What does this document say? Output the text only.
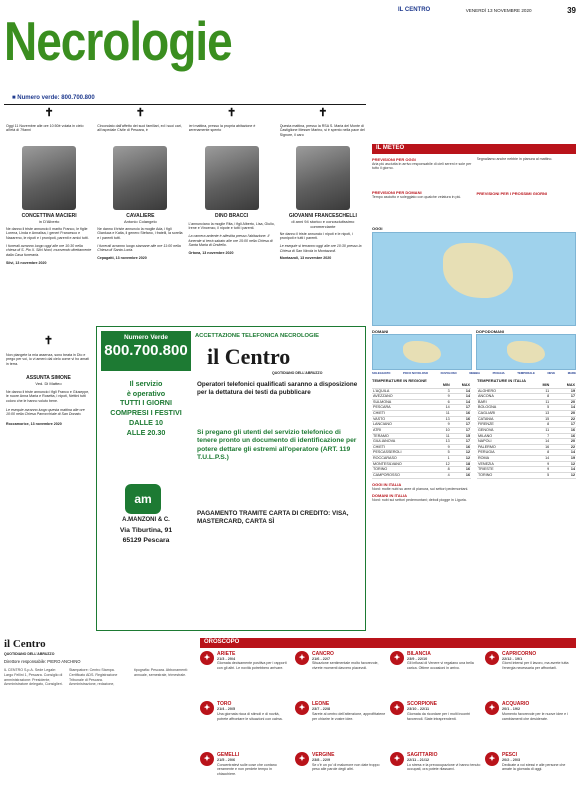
IL CENTRO	VENERDÌ 13 NOVEMBRE 2020	39
Necrologie
■ Numero verde: 800.700.800
✝
Oggi 11 Novembre alle ore 10:50è volata in cielo all'età di 79anni
CONCETTINA MACIERI
in D'Alberto
Ne danno il triste annuncio il marito Franco, le figlie Lorena, Linda e Annalisa, i generi Francesco e Nazareno, le nipoti e i pronipoti, parenti e amici tutti.
I funerali avranno luogo oggi alle ore 10:30 nella chiesa di S. Pio X. Silvi Nord, muovendo direttamente dalla Casa funeraria.
Silvi, 13 novembre 2020
✝
Circondato dall'affetto dei suoi familiari, ed i suoi cari, all'ospedale Civile di Pescara, è
CAVALIERE
Antonio Colangelo
Ne danno il triste annuncio la moglie Ada, i figli Gianluca e Katia, il genero Stefano, i fratelli, la sorella e i parenti tutti.
I funerali avranno luogo stamane alle ore 11:00 nella Chiesa di Santa Lucia.
Cepagatti, 13 novembre 2020
✝
Ieri mattina, presso la propria abitazione è serenamente spento
DINO BRACCI
L'annunciano la moglie Rita, i figli Alberto, Lisa, Giulio, Irene e Vincenzo, il nipote e tutti i parenti.
La camera ardente è allestita presso l'abitazione. Il funerale si terrà sabato alle ore 15:00 nella Chiesa di Santa Maria di Orsitello.
Ortona, 13 novembre 2020
✝
Questa mattina, presso la RSA S. Maria del Monte di Castiglione Messer Marino, si è spento nella pace del Signore, il caro
GIOVANNI FRANCESCHELLI
di anni 94 storico e conosciutissimo commerciante
Ne danno il triste annuncio i nipoti e le nipoti, i pronipoti e tutti i parenti.
Le esequie si terranno oggi alle ore 10:30 presso la Chiesa di San Nicola in Montazzoli.
Montazzoli, 13 novembre 2020
✝
Non piangete la mia assenza, sono beata in Dio e prego per voi, io vi amerò dal cielo come vi ho amati in terra.
ASSUNTA SIMONE
Ved. Di Matteo
Ne danno il triste annuncio i figli Franco e Giuseppe, le nuore Anna Maria e Rosetta, i nipoti, Nettini tutti coloro che le hanno voluto bene.
Le esequie avranno luogo questa mattina alle ore 10:00 nella Chiesa Parrocchiale di San Donato.
Roccamorice, 13 novembre 2020
Numero Verde
800.700.800
ACCETTAZIONE TELEFONICA NECROLOGIE
il Centro
QUOTIDIANO DELL'ABRUZZO
Il servizio
è operativo
TUTTI I GIORNI
COMPRESI I FESTIVI
DALLE 10
ALLE 20.30
Operatori telefonici qualificati saranno a disposizione per la dettatura dei testi da pubblicare
Si pregano gli utenti del servizio telefonico di tenere pronto un documento di identificazione per potere dettare gli estremi all'operatore (ART. 119 T.U.L.P.S.)
PAGAMENTO TRAMITE CARTA DI CREDITO: VISA, MASTERCARD, CARTA SÌ
am
A.MANZONI & C.
Via Tiburtina, 91
65129 Pescara
IL METEO
PREVISIONI PER OGGI
Aria più asciutta in arrivo responsabile di cieli sereni e sole per tutto il giorno.
PREVISIONI PER DOMANI
Tempo asciutto e soleggiato con qualche velatura in più.
Segnaliamo anche nebbie in pianura al mattino.
PREVISIONI PER I PROSSIMI GIORNI
OGGI
DOMANI	DOPODOMANI
SOLEGGIATO	POCO NUVOLOSO	NUVOLOSO	NEBBIA	PIOGGIA	TEMPORALE	NEVE	MARE
TEMPERATURE IN REGIONE
	MIN	MAX
L'AQUILA	3	14
AVEZZANO	9	14
SULMONA	6	14
PESCARA	14	17
CHIETI	11	16
VASTO	13	16
LANCIANO	9	17
ATRI	10	17
TERAMO	11	15
GIULIANOVA	13	17
CHIETI	9	16
PESCASSEROLI	5	12
ROCCARASO	1	12
MONTESILVANO	12	18
TORINO	8	16
CAMPOROSSO	4	16
TEMPERATURE IN ITALIA
	MIN	MAX
ALGHERO	11	19
ANCONA	8	17
BARI	11	20
BOLOGNA	5	14
CAGLIARI	13	20
CATANIA	15	22
FIRENZE	8	17
GENOVA	11	16
MILANO	7	16
NAPOLI	14	20
PALERMO	16	22
PERUGIA	8	14
ROMA	14	19
VENEZIA	9	12
TRIESTE	9	14
TORINO	5	12
OGGI IN ITALIA
Nord: molte nubi su aree di pianura, sui settori pedemontani.
DOMANI IN ITALIA
Nord: nubi sui settori pedemontani; deboli piogge in Liguria.
il Centro
QUOTIDIANO DELL'ABRUZZO
Direttore responsabile: PIERO ANCHINO
IL CENTRO S.p.A. Sede Legale: Largo Fellini 1, Pescara. Consiglio di amministrazione: Presidente, Amministratore delegato, Consiglieri. Stampatore: Centro Stampa. Certificato ADS. Registrazione Tribunale di Pescara. Amministrazione, redazione, tipografia: Pescara. Abbonamenti: annuale, semestrale, trimestrale.
OROSCOPO
✦	ARIETE
21/3 - 20/4
Giornata decisamente positiva per i rapporti con gli altri. Le novità potrebbero arrivare.
✦	TORO
21/4 - 20/5
Una giornata ricca di stimoli e di novità, potrete affrontare le situazioni con calma.
✦	GEMELLI
21/5 - 20/6
Concentratevi sulle cose che contano veramente e non perdete tempo in chiacchiere.
✦	CANCRO
21/6 - 22/7
Situazione sentimentale molto favorevole, vivrete momenti davvero piacevoli.
✦	LEONE
23/7 - 22/8
Sarete al centro dell'attenzione, approfittatene per chiarire le vostre idee.
✦	VERGINE
23/8 - 22/9
Se c'è un po' di malumore non date troppo peso alle parole degli altri.
✦	BILANCIA
23/9 - 22/10
Gli influssi di Venere vi regalano una bella carica. Ottime occasioni in arrivo.
✦	SCORPIONE
23/10 - 22/11
Giornata da ricordare per i molti incontri favorevoli. Siate intraprendenti.
✦	SAGITTARIO
22/11 - 21/12
Lo stress e la preoccupazione vi hanno tenuto occupati, ora potete rilassarvi.
✦	CAPRICORNO
22/12 - 19/1
Giorni intensi per il lavoro, ma avrete tutta l'energia necessaria per affrontarli.
✦	ACQUARIO
20/1 - 19/2
Momento favorevole per le nuove idee e i cambiamenti che desiderate.
✦	PESCI
20/2 - 20/3
Dedicate a voi stessi e alle persone che amate la giornata di oggi.
